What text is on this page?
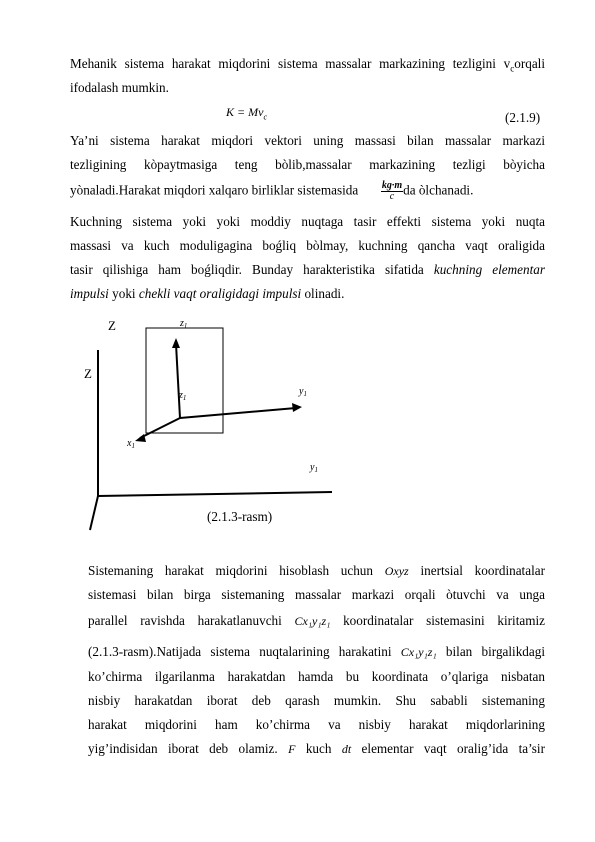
Mehanik sistema harakat miqdorini sistema massalar markazining tezligini $v_corqali$
ifodalash mumkin.
$K = Mv_c$	(2.1.9)
Ya’ni sistema harakat miqdori vektori uning massasi bilan massalar markazi
tezligining kòpaytmasiga teng bòlib,massalar markazining tezligi bòyicha
yònaladi.Harakat miqdori xalqaro birliklar sistemasida $\frac{kg\cdot m}{c}$ da òlchanadi.
Kuchning sistema yoki yoki moddiy nuqtaga tasir effekti sistema yoki nuqta
massasi va kuch moduligagina boǵliq bòlmay, kuchning qancha vaqt oraligida
tasir qilishiga ham boǵliqdir. Bunday harakteristika sifatida kuchning elementar
impulsi yoki chekli vaqt oraligidagi impulsi olinadi.
Z
Z	$z_1$
$z_1$
$y_1$
$x_1$
$y_1$
(2.1.3-rasm)
Sistemaning harakat miqdorini hisoblash uchun Oxyz inertsial koordinatalar
sistemasi bilan birga sistemaning massalar markazi orqali òtuvchi va unga
parallel ravishda harakatlanuvchi Cx₁y₁z₁ koordinatalar sistemasini kiritamiz
(2.1.3-rasm).Natijada sistema nuqtalarining harakatini Cx₁y₁z₁ bilan birgalikdagi
ko’chirma ilgarilanma harakatdan hamda bu koordinata o’qlariga nisbatan
nisbiy harakatdan iborat deb qarash mumkin. Shu sababli sistemaning
harakat miqdorini ham ko’chirma va nisbiy harakat miqdorlarining
yig’indisidan iborat deb olamiz. F kuch dt elementar vaqt oralig’ida ta’sir
